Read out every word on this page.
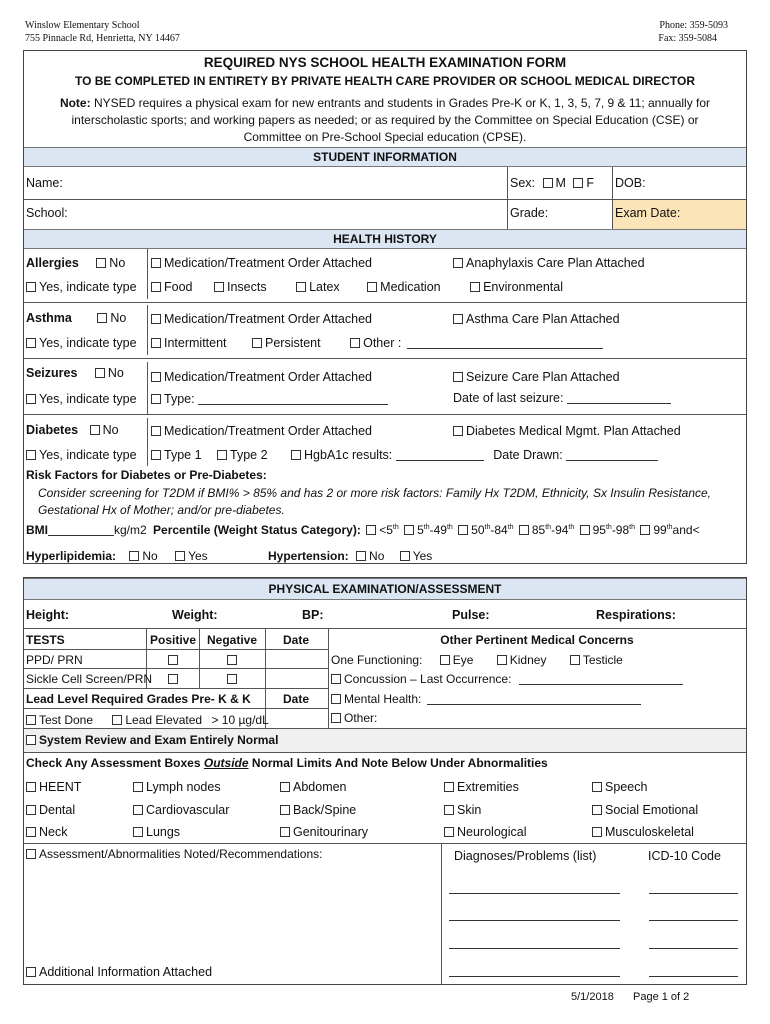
Winslow Elementary School
755 Pinnacle Rd, Henrietta, NY 14467
Phone: 359-5093
Fax: 359-5084
REQUIRED NYS SCHOOL HEALTH EXAMINATION FORM
TO BE COMPLETED IN ENTIRETY BY PRIVATE HEALTH CARE PROVIDER OR SCHOOL MEDICAL DIRECTOR
Note: NYSED requires a physical exam for new entrants and students in Grades Pre-K or K, 1, 3, 5, 7, 9 & 11; annually for
interscholastic sports; and working papers as needed; or as required by the Committee on Special Education (CSE) or
Committee on Pre-School Special education (CPSE).
STUDENT INFORMATION
Name:	Sex: M F DOB:
School:	Grade:	Exam Date:
HEALTH HISTORY
Allergies No	Medication/Treatment Order Attached	Anaphylaxis Care Plan Attached
Yes, indicate type	Food	Insects	Latex	Medication	Environmental
Asthma	No	Medication/Treatment Order Attached	Asthma Care Plan Attached
Yes, indicate type	Intermittent	Persistent	Other :
Seizures No	Medication/Treatment Order Attached	Seizure Care Plan Attached
Yes, indicate type	Type:	Date of last seizure:
Diabetes No	Medication/Treatment Order Attached	Diabetes Medical Mgmt. Plan Attached
Yes, indicate type	Type 1 Type 2	HgbA1c results:	Date Drawn:
Risk Factors for Diabetes or Pre-Diabetes:
Consider screening for T2DM if BMI% > 85% and has 2 or more risk factors: Family Hx T2DM, Ethnicity, Sx Insulin Resistance,
Gestational Hx of Mother; and/or pre-diabetes.
BMI	kg/m2 Percentile (Weight Status Category): <5th 5th-49th 50th-84th 85th-94th 95th-98th 99thand<
Hyperlipidemia: No	Yes	Hypertension: No Yes
PHYSICAL EXAMINATION/ASSESSMENT
Height:	Weight:	BP:	Pulse:	Respirations:
TESTS	Positive Negative Date
PPD/ PRN
Sickle Cell Screen/PRN
Lead Level Required Grades Pre- K & K	Date
Test Done	Lead Elevated > 10 µg/dL
Other Pertinent Medical Concerns
One Functioning:	Eye	Kidney	Testicle
Concussion – Last Occurrence:
Mental Health:
Other:
System Review and Exam Entirely Normal
Check Any Assessment Boxes Outside Normal Limits And Note Below Under Abnormalities
HEENT	Lymph nodes	Abdomen	Extremities	Speech
Dental	Cardiovascular	Back/Spine	Skin	Social Emotional
Neck	Lungs	Genitourinary	Neurological	Musculoskeletal
Assessment/Abnormalities Noted/Recommendations:	Diagnoses/Problems (list)	ICD-10 Code
Additional Information Attached
5/1/2018 Page 1 of 2
